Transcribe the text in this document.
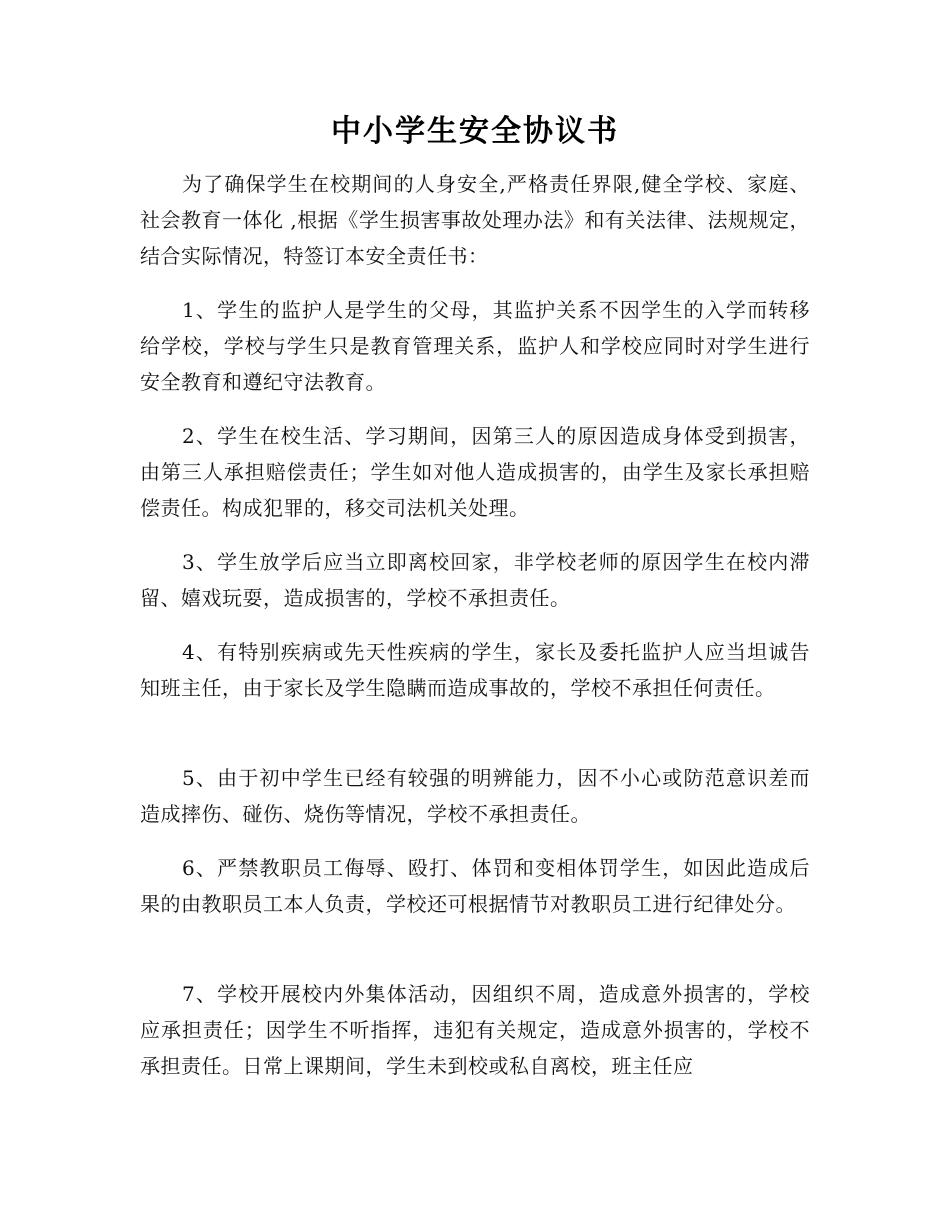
中小学生安全协议书

为了确保学生在校期间的人身安全,严格责任界限,健全学校、家庭、社会教育一体化 ,根据《学生损害事故处理办法》和有关法律、法规规定，结合实际情况，特签订本安全责任书：

1、学生的监护人是学生的父母，其监护关系不因学生的入学而转移给学校，学校与学生只是教育管理关系，监护人和学校应同时对学生进行安全教育和遵纪守法教育。

2、学生在校生活、学习期间，因第三人的原因造成身体受到损害，由第三人承担赔偿责任；学生如对他人造成损害的，由学生及家长承担赔偿责任。构成犯罪的，移交司法机关处理。

3、学生放学后应当立即离校回家，非学校老师的原因学生在校内滞留、嬉戏玩耍，造成损害的，学校不承担责任。

4、有特别疾病或先天性疾病的学生，家长及委托监护人应当坦诚告知班主任，由于家长及学生隐瞒而造成事故的，学校不承担任何责任。

5、由于初中学生已经有较强的明辨能力，因不小心或防范意识差而造成摔伤、碰伤、烧伤等情况，学校不承担责任。

6、严禁教职员工侮辱、殴打、体罚和变相体罚学生，如因此造成后果的由教职员工本人负责，学校还可根据情节对教职员工进行纪律处分。

7、学校开展校内外集体活动，因组织不周，造成意外损害的，学校应承担责任；因学生不听指挥，违犯有关规定，造成意外损害的，学校不承担责任。日常上课期间，学生未到校或私自离校，班主任应
